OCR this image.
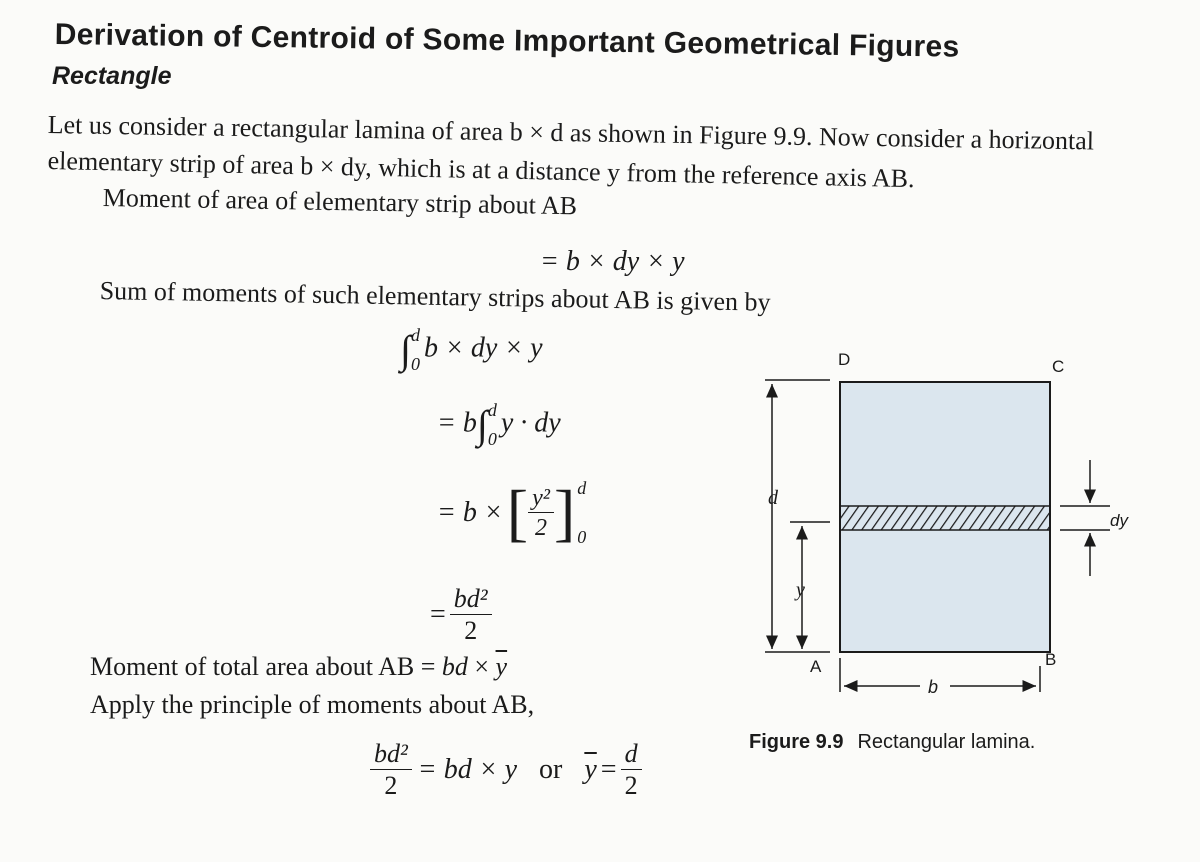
Derivation of Centroid of Some Important Geometrical Figures
Rectangle
Let us consider a rectangular lamina of area b × d as shown in Figure 9.9. Now consider a horizontal
elementary strip of area b × dy, which is at a distance y from the reference axis AB.
Moment of area of elementary strip about AB
= b × dy × y
Sum of moments of such elementary strips about AB is given by
∫ d
0
b × dy × y
= b∫ d
0
y · dy
= b × [ $\frac{\text{y²}}{2}$ ] d
0
= $\frac{\text{bd²}}{2}$
Moment of total area about AB = bd × $\overline{y}$
Apply the principle of moments about AB,
$\frac{\text{bd²}}{2}$ = bd × y or $\overline{y} = \frac{d}{2}$
d
y
dy
D	C
A	B
b
Figure 9.9 Rectangular lamina.
